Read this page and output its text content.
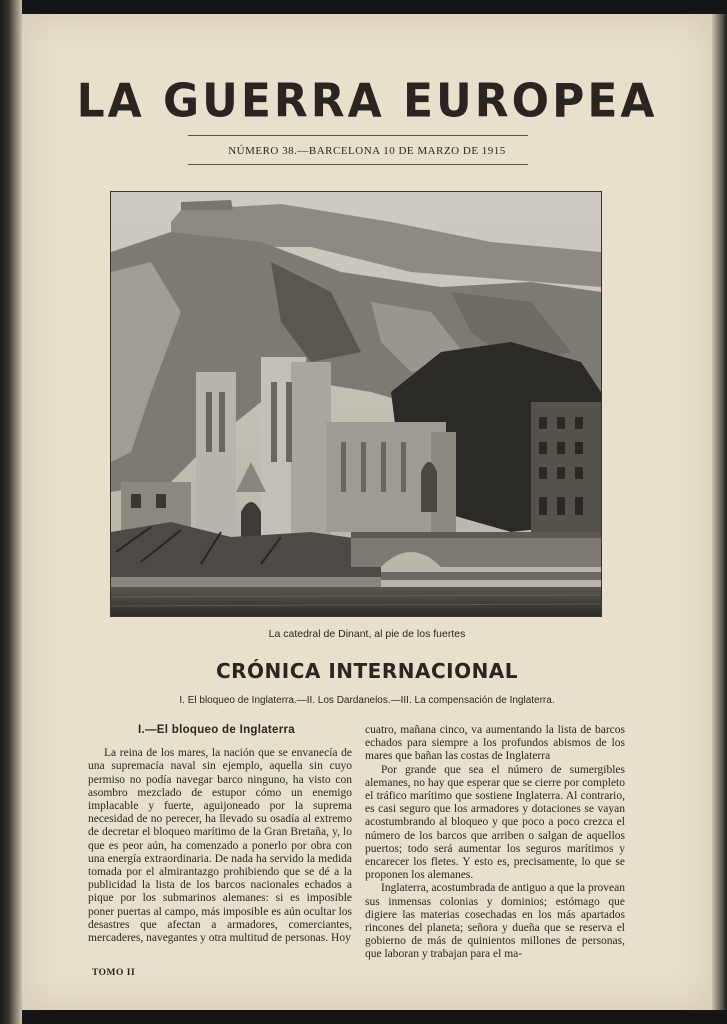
LA GUERRA EUROPEA
NÚMERO 38.—BARCELONA 10 DE MARZO DE 1915
La catedral de Dinant, al pie de los fuertes
CRÓNICA INTERNACIONAL
I. El bloqueo de Inglaterra.—II. Los Dardanelos.—III. La compensación de Inglaterra.
I.—El bloqueo de Inglaterra

La reina de los mares, la nación que se envanecía de una supremacía naval sin ejemplo, aquella sin cuyo permiso no podía navegar barco ninguno, ha visto con asombro mezclado de estupor cómo un enemigo implacable y fuerte, aguijoneado por la suprema necesidad de no perecer, ha llevado su osadía al extremo de decretar el bloqueo marítimo de la Gran Bretaña, y, lo que es peor aún, ha comenzado a ponerlo por obra con una energía extraordinaria. De nada ha servido la medida tomada por el almirantazgo prohibiendo que se dé a la publicidad la lista de los barcos nacionales echados a pique por los submarinos alemanes: si es imposible poner puertas al campo, más imposible es aún ocultar los desastres que afectan a armadores, comerciantes, mercaderes, navegantes y otra multitud de personas. Hoy

cuatro, mañana cinco, va aumentando la lista de barcos echados para siempre a los profundos abismos de los mares que bañan las costas de Inglaterra

Por grande que sea el número de sumergibles alemanes, no hay que esperar que se cierre por completo el tráfico marítimo que sostiene Inglaterra. Al contrario, es casi seguro que los armadores y dotaciones se vayan acostumbrando al bloqueo y que poco a poco crezca el número de los barcos que arriben o salgan de aquellos puertos; todo será aumentar los seguros marítimos y encarecer los fletes. Y esto es, precisamente, lo que se proponen los alemanes.

Inglaterra, acostumbrada de antiguo a que la provean sus inmensas colonias y dominios; estómago que digiere las materias cosechadas en los más apartados rincones del planeta; señora y dueña que se reserva el gobierno de más de quinientos millones de personas, que laboran y trabajan para el ma-

TOMO II
